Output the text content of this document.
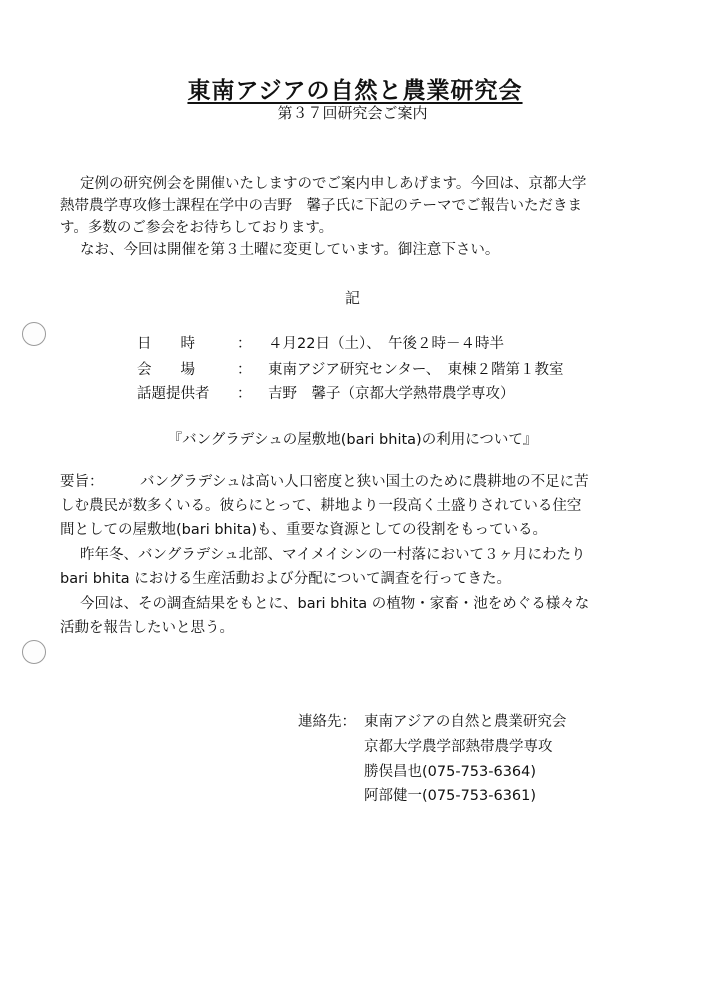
東南アジアの自然と農業研究会
第３７回研究会ご案内
定例の研究例会を開催いたしますのでご案内申しあげます。今回は、京都大学
熱帯農学専攻修士課程在学中の吉野　馨子氏に下記のテーマでご報告いただきま
す。多数のご参会をお待ちしております。
なお、今回は開催を第３土曜に変更しています。御注意下さい。
記
日　　時	： ４月22日（土）、　午後２時－４時半
会　　場	： 東南アジア研究センター、　東棟２階第１教室
話題提供者 ： 吉野　馨子（京都大学熱帯農学専攻）
『バングラデシュの屋敷地(bari bhita)の利用について』
要旨：	バングラデシュは高い人口密度と狭い国土のために農耕地の不足に苦
しむ農民が数多くいる。彼らにとって、耕地より一段高く土盛りされている住空
間としての屋敷地(bari bhita)も、重要な資源としての役割をもっている。
昨年冬、バングラデシュ北部、マイメイシンの一村落において３ヶ月にわたり
bari bhita における生産活動および分配について調査を行ってきた。
今回は、その調査結果をもとに、bari bhita の植物・家畜・池をめぐる様々な
活動を報告したいと思う。
連絡先： 東南アジアの自然と農業研究会
京都大学農学部熱帯農学専攻
勝俣昌也(075-753-6364)
阿部健一(075-753-6361)
